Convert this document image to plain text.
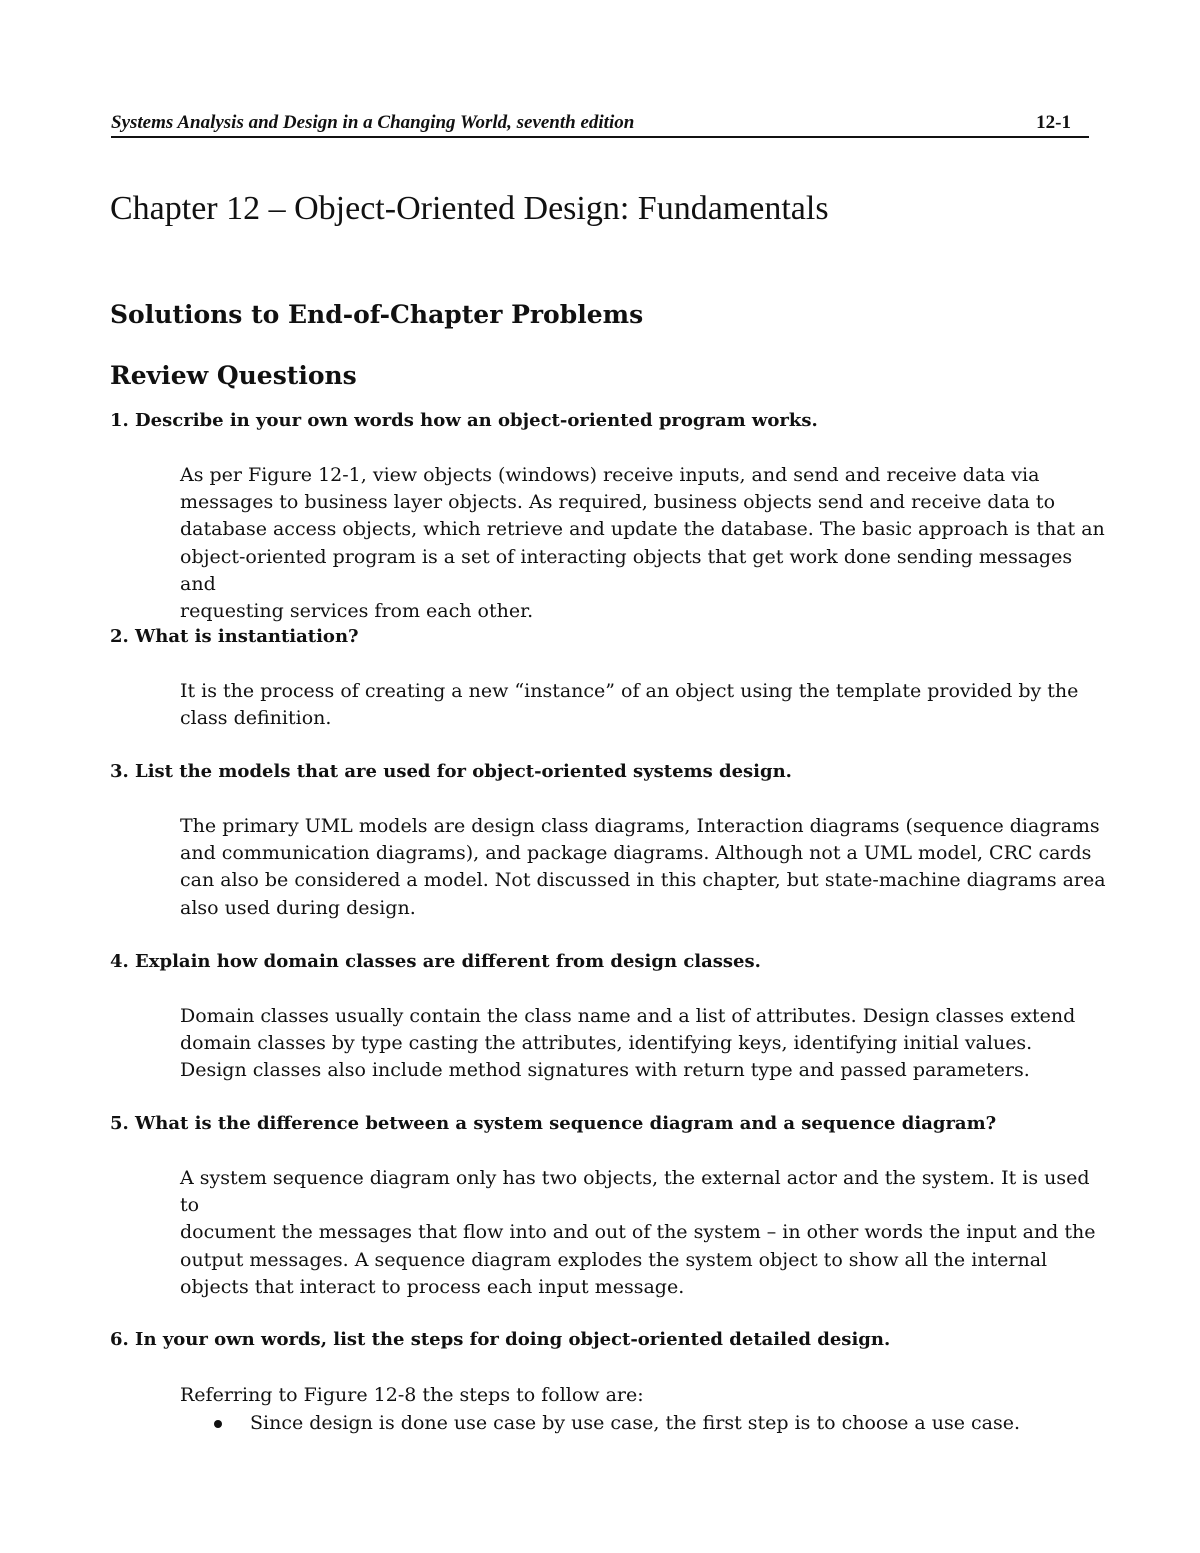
Systems Analysis and Design in a Changing World, seventh edition	12-1
Chapter 12 – Object-Oriented Design: Fundamentals
Solutions to End-of-Chapter Problems
Review Questions

1. Describe in your own words how an object-oriented program works.

As per Figure 12-1, view objects (windows) receive inputs, and send and receive data via
messages to business layer objects. As required, business objects send and receive data to
database access objects, which retrieve and update the database. The basic approach is that an
object-oriented program is a set of interacting objects that get work done sending messages and
requesting services from each other.

2. What is instantiation?

It is the process of creating a new “instance” of an object using the template provided by the
class definition.

3. List the models that are used for object-oriented systems design.

The primary UML models are design class diagrams, Interaction diagrams (sequence diagrams
and communication diagrams), and package diagrams. Although not a UML model, CRC cards
can also be considered a model. Not discussed in this chapter, but state-machine diagrams area
also used during design.

4. Explain how domain classes are different from design classes.

Domain classes usually contain the class name and a list of attributes. Design classes extend
domain classes by type casting the attributes, identifying keys, identifying initial values.
Design classes also include method signatures with return type and passed parameters.

5. What is the difference between a system sequence diagram and a sequence diagram?

A system sequence diagram only has two objects, the external actor and the system. It is used to
document the messages that flow into and out of the system – in other words the input and the
output messages. A sequence diagram explodes the system object to show all the internal
objects that interact to process each input message.

6. In your own words, list the steps for doing object-oriented detailed design.

Referring to Figure 12-8 the steps to follow are:

Since design is done use case by use case, the first step is to choose a use case.
